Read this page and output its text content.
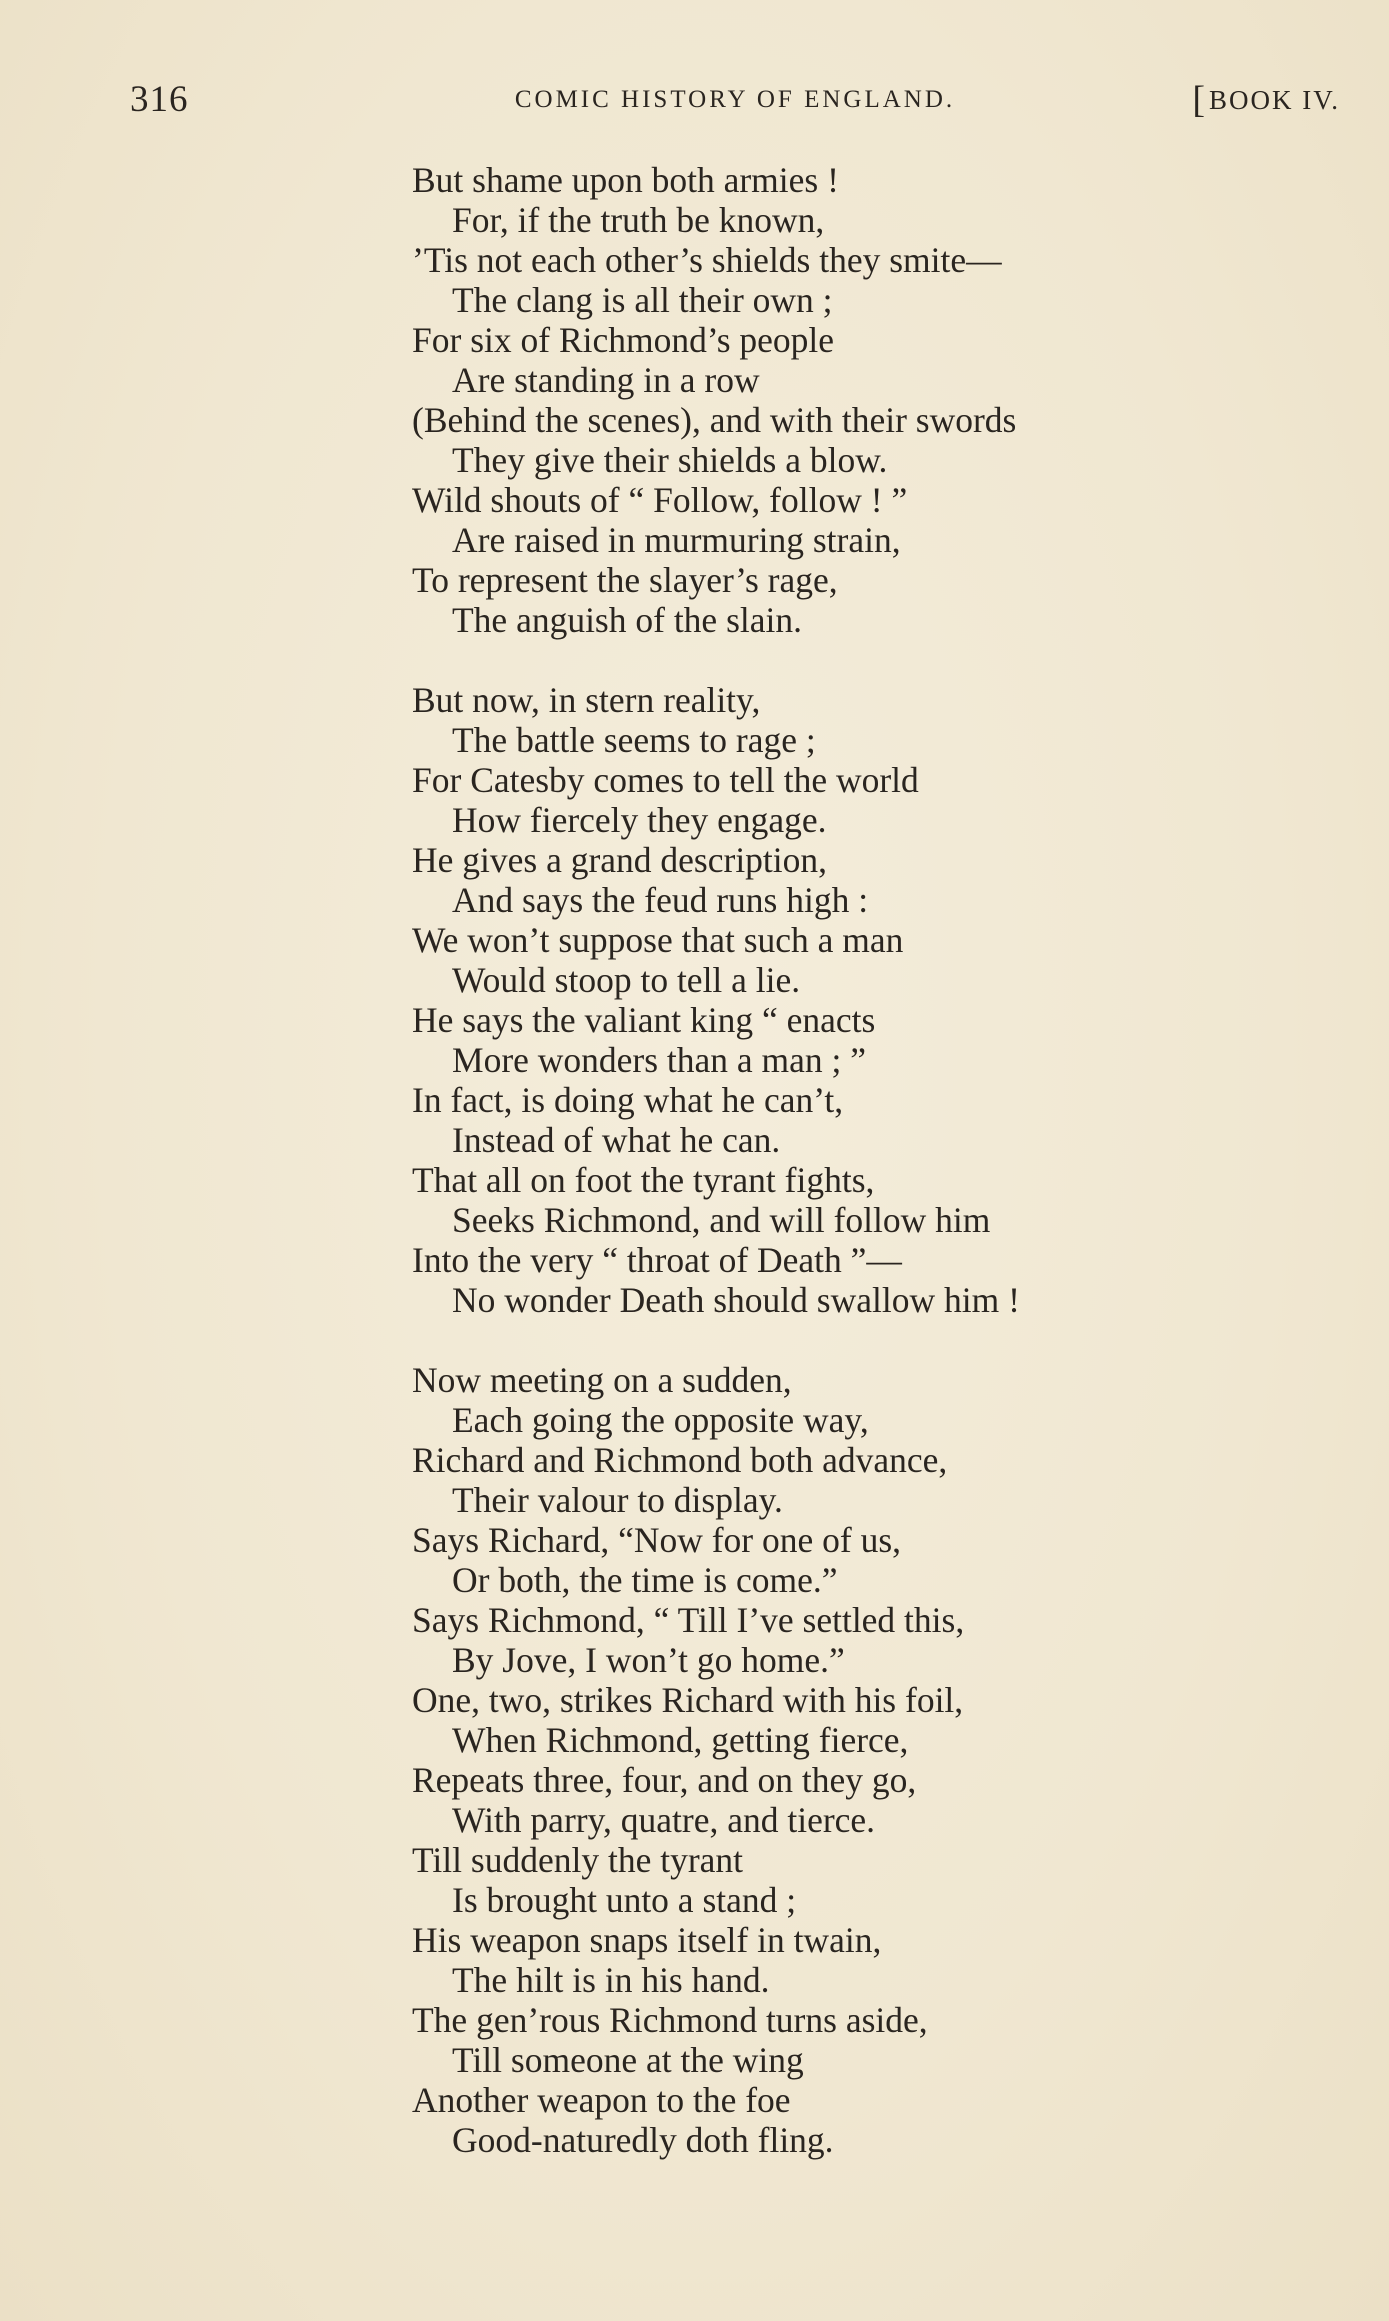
316	COMIC HISTORY OF ENGLAND.	[BOOK IV.
But shame upon both armies !
For, if the truth be known,
’Tis not each other’s shields they smite—
The clang is all their own ;
For six of Richmond’s people
Are standing in a row
(Behind the scenes), and with their swords
They give their shields a blow.
Wild shouts of “ Follow, follow ! ”
Are raised in murmuring strain,
To represent the slayer’s rage,
The anguish of the slain.
But now, in stern reality,
The battle seems to rage ;
For Catesby comes to tell the world
How fiercely they engage.
He gives a grand description,
And says the feud runs high :
We won’t suppose that such a man
Would stoop to tell a lie.
He says the valiant king “ enacts
More wonders than a man ; ”
In fact, is doing what he can’t,
Instead of what he can.
That all on foot the tyrant fights,
Seeks Richmond, and will follow him
Into the very “ throat of Death ”—
No wonder Death should swallow him !
Now meeting on a sudden,
Each going the opposite way,
Richard and Richmond both advance,
Their valour to display.
Says Richard, “Now for one of us,
Or both, the time is come.”
Says Richmond, “ Till I’ve settled this,
By Jove, I won’t go home.”
One, two, strikes Richard with his foil,
When Richmond, getting fierce,
Repeats three, four, and on they go,
With parry, quatre, and tierce.
Till suddenly the tyrant
Is brought unto a stand ;
His weapon snaps itself in twain,
The hilt is in his hand.
The gen’rous Richmond turns aside,
Till someone at the wing
Another weapon to the foe
Good-naturedly doth fling.
